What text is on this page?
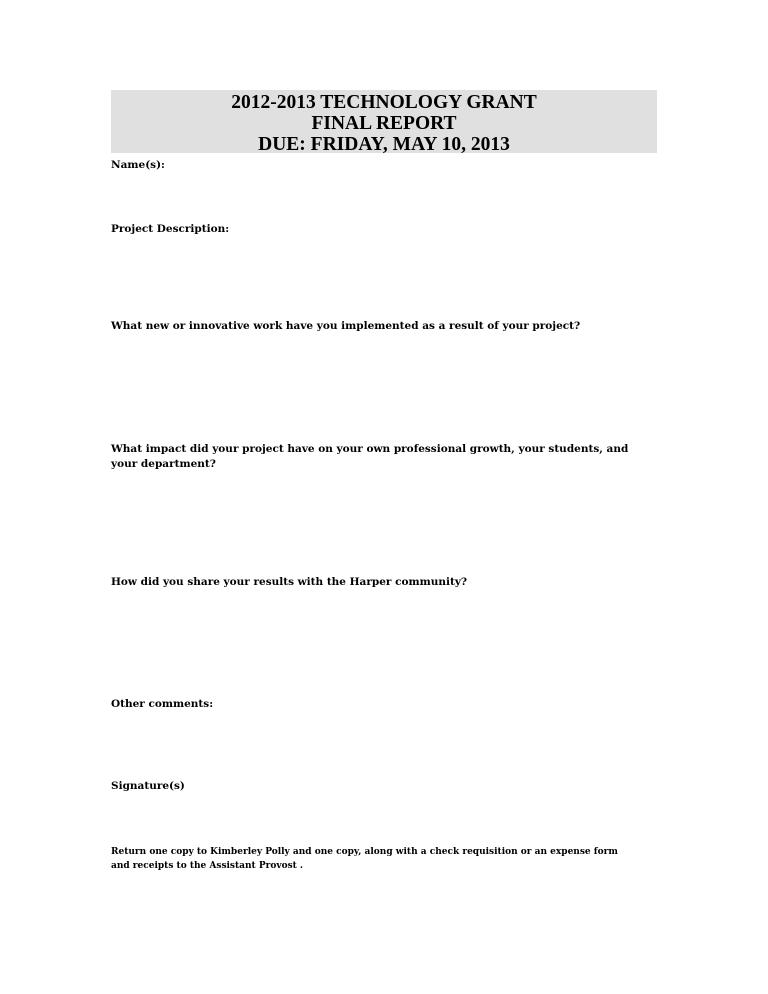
2012-2013 TECHNOLOGY GRANT
FINAL REPORT
DUE: FRIDAY, MAY 10, 2013
Name(s):
Project Description:
What new or innovative work have you implemented as a result of your project?
What impact did your project have on your own professional growth, your students, and
your department?
How did you share your results with the Harper community?
Other comments:
Signature(s)
Return one copy to Kimberley Polly and one copy, along with a check requisition or an expense form
and receipts to the Assistant Provost .
